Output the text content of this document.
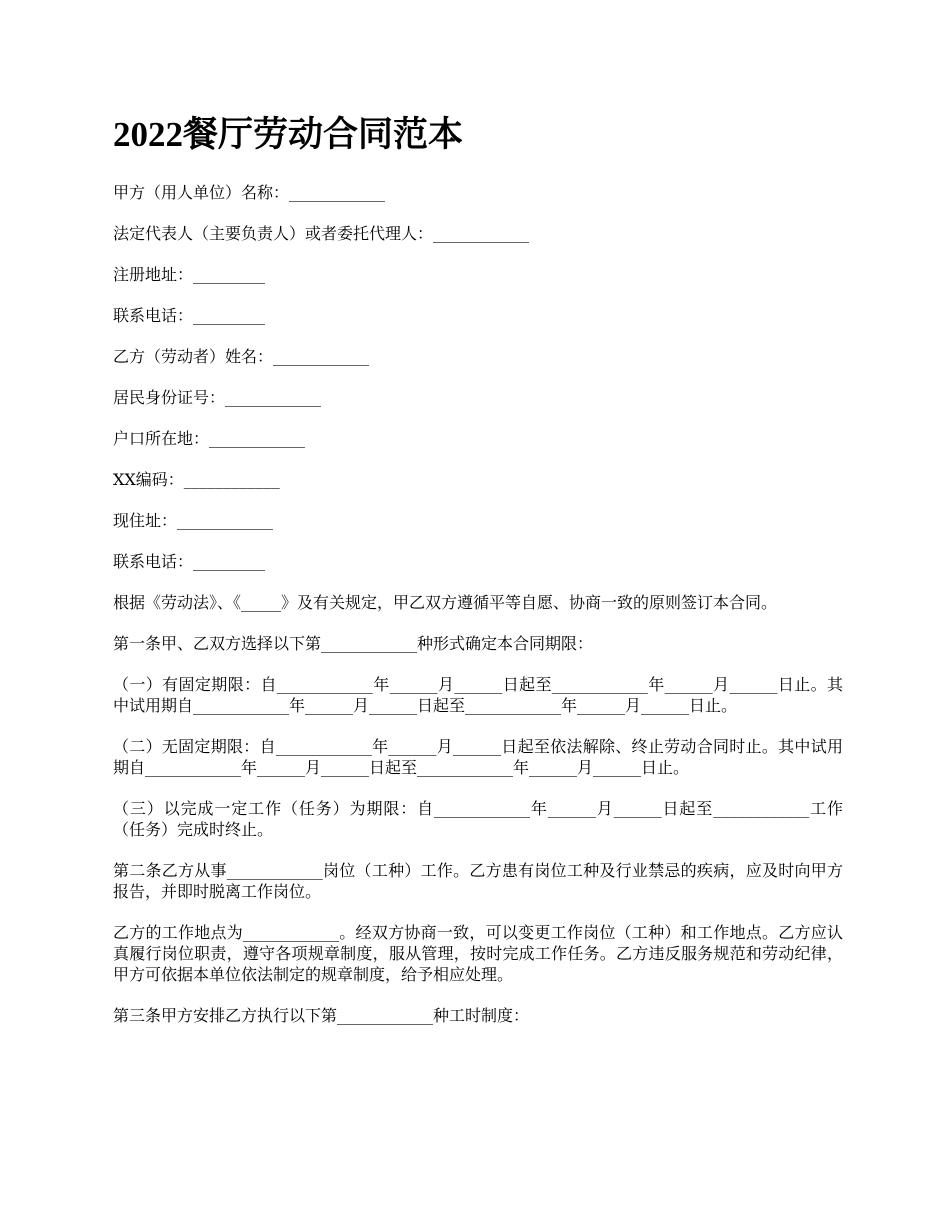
2022餐厅劳动合同范本

甲方（用人单位）名称：____________

法定代表人（主要负责人）或者委托代理人：____________

注册地址：_________

联系电话：_________

乙方（劳动者）姓名：____________

居民身份证号：____________

户口所在地：____________

XX编码：____________

现住址：____________

联系电话：_________

根据《劳动法》、《_____》及有关规定，甲乙双方遵循平等自愿、协商一致的原则签订本合同。

第一条甲、乙双方选择以下第____________种形式确定本合同期限：

（一）有固定期限：自____________年______月______日起至____________年______月______日止。其中试用期自____________年______月______日起至____________年______月______日止。

（二）无固定期限：自____________年______月______日起至依法解除、终止劳动合同时止。其中试用期自____________年______月______日起至____________年______月______日止。

（三）以完成一定工作（任务）为期限：自____________年______月______日起至____________工作（任务）完成时终止。

第二条乙方从事____________岗位（工种）工作。乙方患有岗位工种及行业禁忌的疾病，应及时向甲方报告，并即时脱离工作岗位。

乙方的工作地点为____________。经双方协商一致，可以变更工作岗位（工种）和工作地点。乙方应认真履行岗位职责，遵守各项规章制度，服从管理，按时完成工作任务。乙方违反服务规范和劳动纪律，甲方可依据本单位依法制定的规章制度，给予相应处理。

第三条甲方安排乙方执行以下第____________种工时制度：
